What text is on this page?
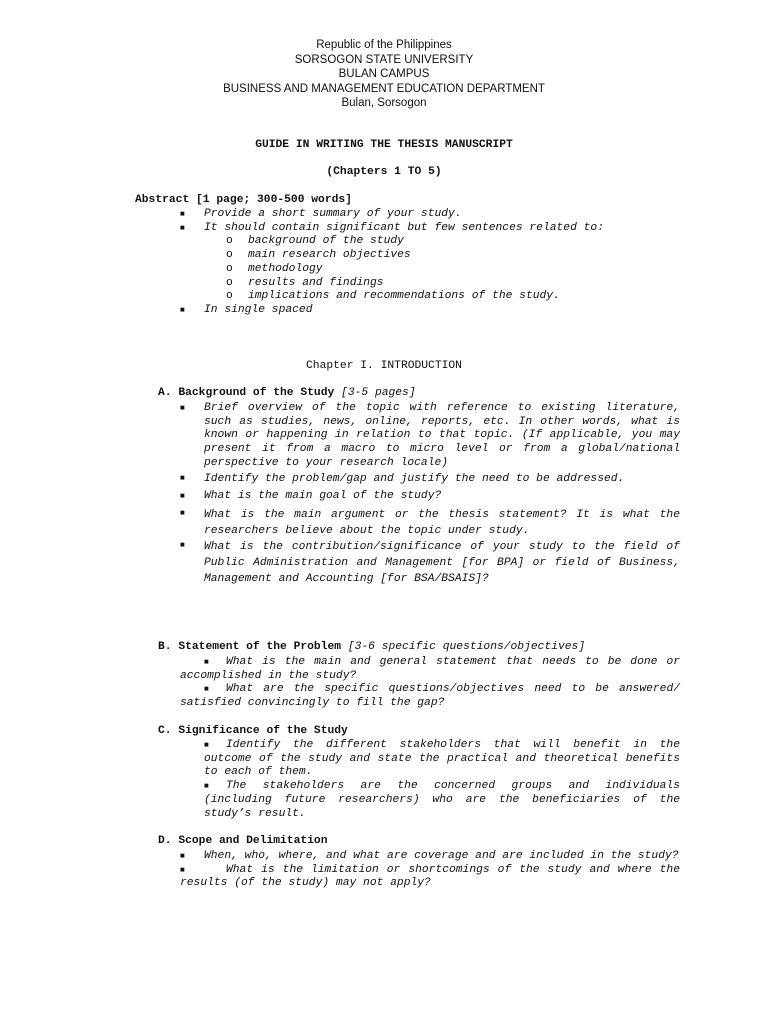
Republic of the Philippines
SORSOGON STATE UNIVERSITY
BULAN CAMPUS
BUSINESS AND MANAGEMENT EDUCATION DEPARTMENT
Bulan, Sorsogon
GUIDE IN WRITING THE THESIS MANUSCRIPT
(Chapters 1 TO 5)
Abstract [1 page; 300-500 words]
■ Provide a short summary of your study.
■ It should contain significant but few sentences related to:
o background of the study
o main research objectives
o methodology
o results and findings
o implications and recommendations of the study.
■ In single spaced
Chapter I. INTRODUCTION
A. Background of the Study [3-5 pages]
■ Brief overview of the topic with reference to existing literature, such as studies, news, online, reports, etc. In other words, what is known or happening in relation to that topic. (If applicable, you may present it from a macro to micro level or from a global/national perspective to your research locale)
■ Identify the problem/gap and justify the need to be addressed.
■ What is the main goal of the study?
■ What is the main argument or the thesis statement? It is what the researchers believe about the topic under study.
■ What is the contribution/significance of your study to the field of Public Administration and Management [for BPA] or field of Business, Management and Accounting [for BSA/BSAIS]?
B. Statement of the Problem [3-6 specific questions/objectives]
■ What is the main and general statement that needs to be done or accomplished in the study?
■ What are the specific questions/objectives need to be answered/ satisfied convincingly to fill the gap?
C. Significance of the Study
■ Identify the different stakeholders that will benefit in the outcome of the study and state the practical and theoretical benefits to each of them.
■ The stakeholders are the concerned groups and individuals (including future researchers) who are the beneficiaries of the study’s result.
D. Scope and Delimitation
■ When, who, where, and what are coverage and are included in the study?
■	What is the limitation or shortcomings of the study and where the results (of the study) may not apply?
